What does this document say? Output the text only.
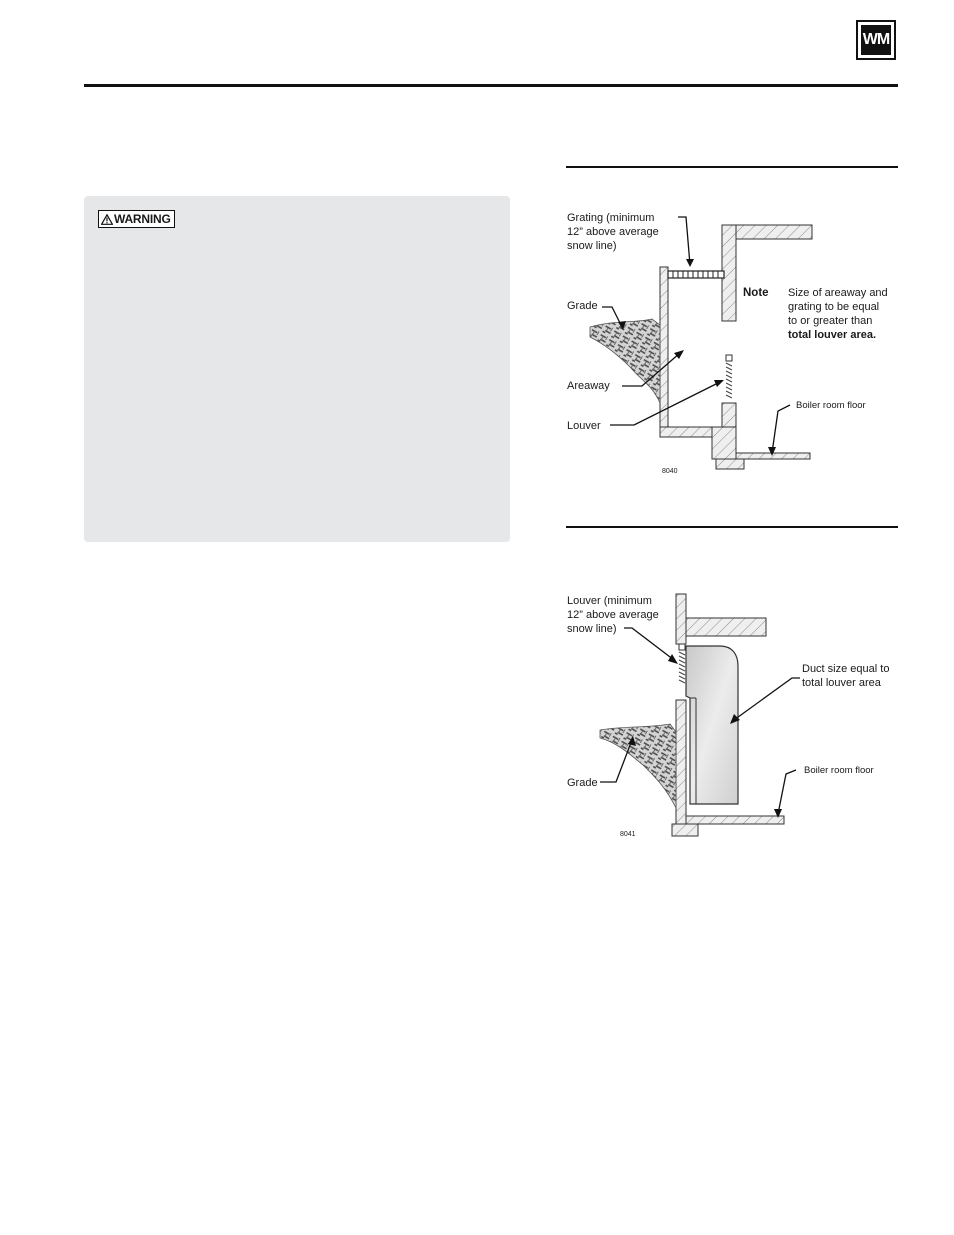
WM
WARNING	Grating (minimum 12” above average snow line)
Grade
Areaway
Louver
Note Size of areaway and grating to be equal to or greater than total louver area.
Boiler room floor
8040
Louver (minimum 12” above average snow line)
Duct size equal to total louver area
Grade
Boiler room floor
8041
